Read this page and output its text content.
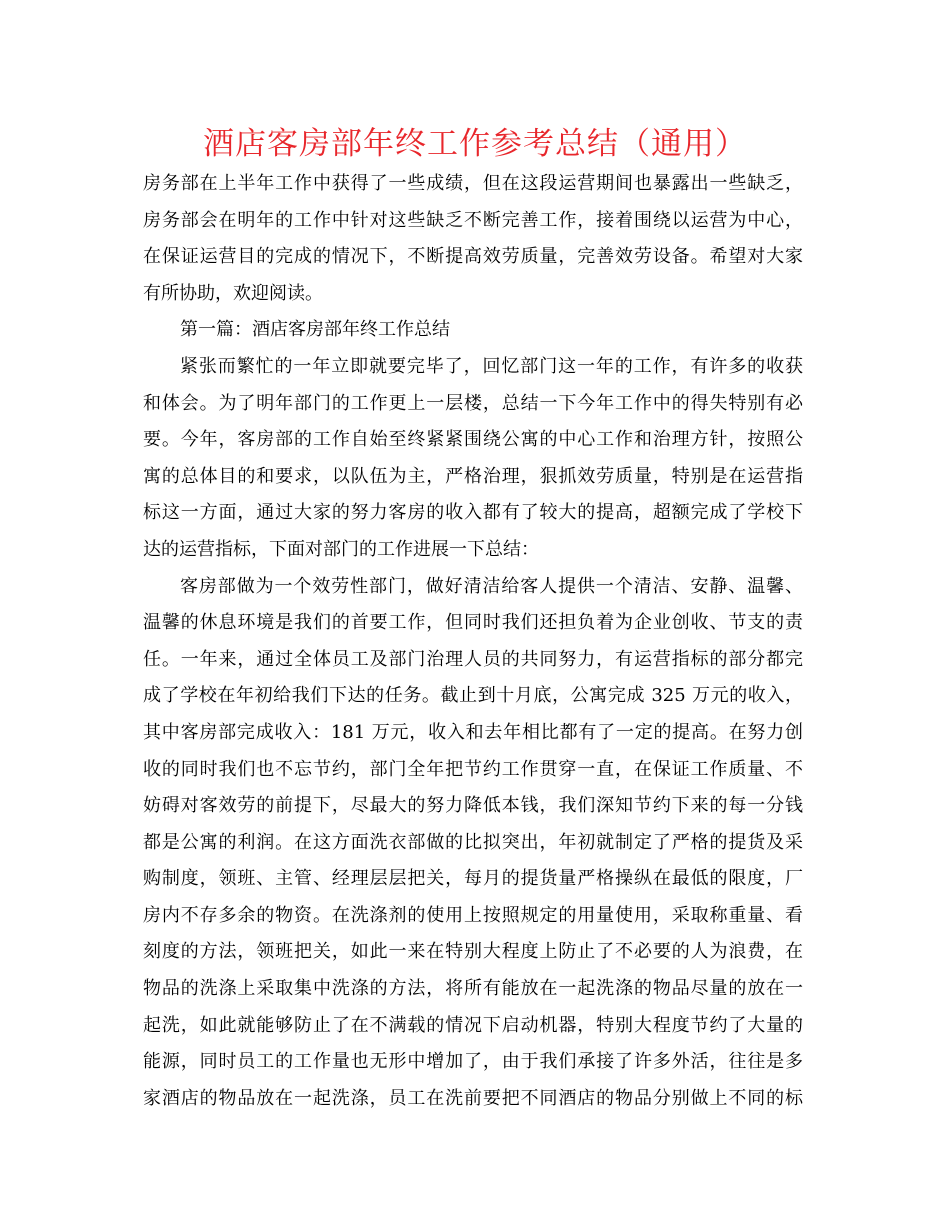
酒店客房部年终工作参考总结（通用）
房务部在上半年工作中获得了一些成绩，但在这段运营期间也暴露出一些缺乏，
房务部会在明年的工作中针对这些缺乏不断完善工作，接着围绕以运营为中心，
在保证运营目的完成的情况下，不断提高效劳质量，完善效劳设备。希望对大家
有所协助，欢迎阅读。
第一篇：酒店客房部年终工作总结
紧张而繁忙的一年立即就要完毕了，回忆部门这一年的工作，有许多的收获
和体会。为了明年部门的工作更上一层楼，总结一下今年工作中的得失特别有必
要。今年，客房部的工作自始至终紧紧围绕公寓的中心工作和治理方针，按照公
寓的总体目的和要求，以队伍为主，严格治理，狠抓效劳质量，特别是在运营指
标这一方面，通过大家的努力客房的收入都有了较大的提高，超额完成了学校下
达的运营指标，下面对部门的工作进展一下总结：
客房部做为一个效劳性部门，做好清洁给客人提供一个清洁、安静、温馨、
温馨的休息环境是我们的首要工作，但同时我们还担负着为企业创收、节支的责
任。一年来，通过全体员工及部门治理人员的共同努力，有运营指标的部分都完
成了学校在年初给我们下达的任务。截止到十月底，公寓完成 325 万元的收入，
其中客房部完成收入：181 万元，收入和去年相比都有了一定的提高。在努力创
收的同时我们也不忘节约，部门全年把节约工作贯穿一直，在保证工作质量、不
妨碍对客效劳的前提下，尽最大的努力降低本钱，我们深知节约下来的每一分钱
都是公寓的利润。在这方面洗衣部做的比拟突出，年初就制定了严格的提货及采
购制度，领班、主管、经理层层把关，每月的提货量严格操纵在最低的限度，厂
房内不存多余的物资。在洗涤剂的使用上按照规定的用量使用，采取称重量、看
刻度的方法，领班把关，如此一来在特别大程度上防止了不必要的人为浪费，在
物品的洗涤上采取集中洗涤的方法，将所有能放在一起洗涤的物品尽量的放在一
起洗，如此就能够防止了在不满载的情况下启动机器，特别大程度节约了大量的
能源，同时员工的工作量也无形中增加了，由于我们承接了许多外活，往往是多
家酒店的物品放在一起洗涤，员工在洗前要把不同酒店的物品分别做上不同的标
